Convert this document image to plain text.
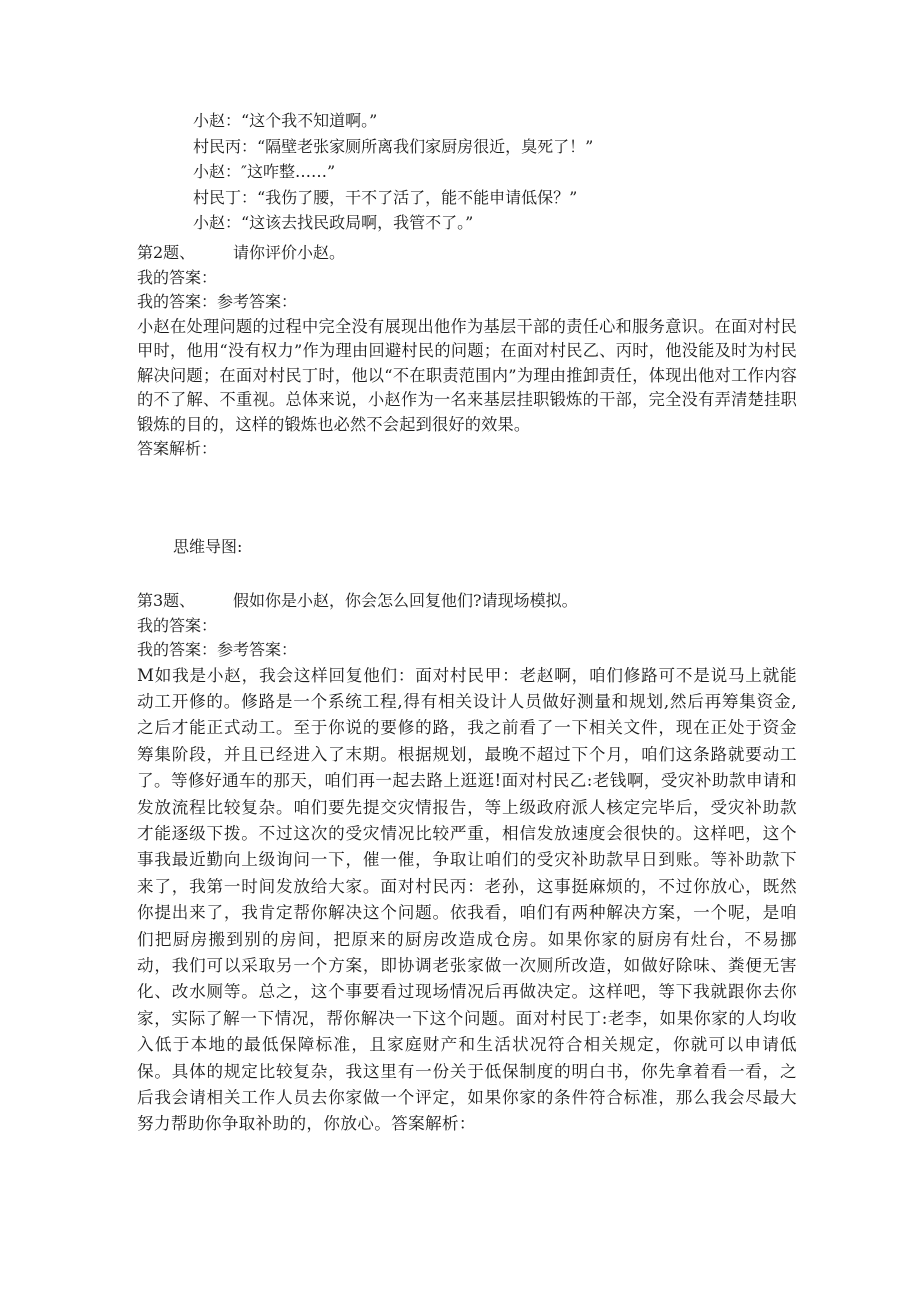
小赵：“这个我不知道啊。”
村民丙：“隔壁老张家厕所离我们家厨房很近，臭死了！”
小赵：″这咋整……”
村民丁：“我伤了腰，干不了活了，能不能申请低保？”
小赵：“这该去找民政局啊，我管不了。”
第2题、 请你评价小赵。
我的答案：
我的答案：参考答案：
小赵在处理问题的过程中完全没有展现出他作为基层干部的责任心和服务意识。在面对村民甲时，他用“没有权力”作为理由回避村民的问题；在面对村民乙、丙时，他没能及时为村民解决问题；在面对村民丁时，他以“不在职责范围内”为理由推卸责任，体现出他对工作内容的不了解、不重视。总体来说，小赵作为一名来基层挂职锻炼的干部，完全没有弄清楚挂职锻炼的目的，这样的锻炼也必然不会起到很好的效果。
答案解析：
思维导图:
第3题、 假如你是小赵，你会怎么回复他们?请现场模拟。
我的答案：
我的答案：参考答案：
M如我是小赵，我会这样回复他们：面对村民甲：老赵啊，咱们修路可不是说马上就能动工开修的。修路是一个系统工程,得有相关设计人员做好测量和规划,然后再筹集资金,之后才能正式动工。至于你说的要修的路，我之前看了一下相关文件，现在正处于资金筹集阶段，并且已经进入了末期。根据规划，最晚不超过下个月，咱们这条路就要动工了。等修好通车的那天，咱们再一起去路上逛逛!面对村民乙:老钱啊，受灾补助款申请和发放流程比较复杂。咱们要先提交灾情报告，等上级政府派人核定完毕后，受灾补助款才能逐级下拨。不过这次的受灾情况比较严重，相信发放速度会很快的。这样吧，这个事我最近勤向上级询问一下，催一催，争取让咱们的受灾补助款早日到账。等补助款下来了，我第一时间发放给大家。面对村民丙：老孙，这事挺麻烦的，不过你放心，既然你提出来了，我肯定帮你解决这个问题。依我看，咱们有两种解决方案，一个呢，是咱们把厨房搬到别的房间，把原来的厨房改造成仓房。如果你家的厨房有灶台，不易挪动，我们可以采取另一个方案，即协调老张家做一次厕所改造，如做好除味、粪便无害化、改水厕等。总之，这个事要看过现场情况后再做决定。这样吧，等下我就跟你去你家，实际了解一下情况，帮你解决一下这个问题。面对村民丁:老李，如果你家的人均收入低于本地的最低保障标准，且家庭财产和生活状况符合相关规定，你就可以申请低保。具体的规定比较复杂，我这里有一份关于低保制度的明白书，你先拿着看一看，之后我会请相关工作人员去你家做一个评定，如果你家的条件符合标准，那么我会尽最大努力帮助你争取补助的，你放心。答案解析：
